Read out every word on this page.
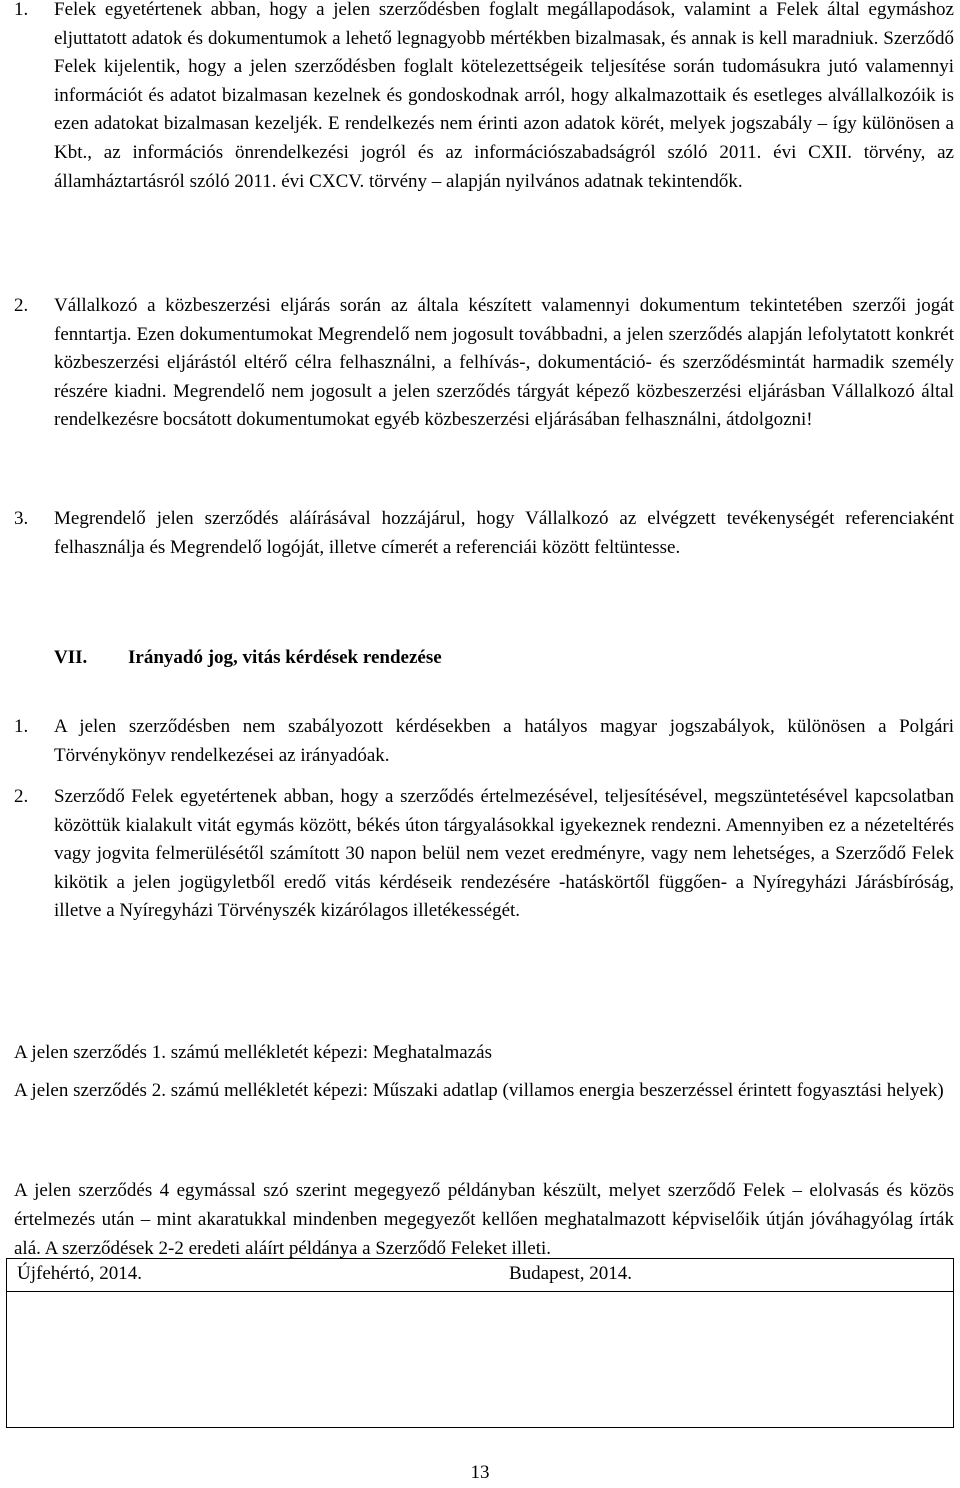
1. Felek egyetértenek abban, hogy a jelen szerződésben foglalt megállapodások, valamint a Felek által egymáshoz eljuttatott adatok és dokumentumok a lehető legnagyobb mértékben bizalmasak, és annak is kell maradniuk. Szerződő Felek kijelentik, hogy a jelen szerződésben foglalt kötelezettségeik teljesítése során tudomásukra jutó valamennyi információt és adatot bizalmasan kezelnek és gondoskodnak arról, hogy alkalmazottaik és esetleges alvállalkozóik is ezen adatokat bizalmasan kezeljék. E rendelkezés nem érinti azon adatok körét, melyek jogszabály – így különösen a Kbt., az információs önrendelkezési jogról és az információszabadságról szóló 2011. évi CXII. törvény, az államháztartásról szóló 2011. évi CXCV. törvény – alapján nyilvános adatnak tekintendők.
2. Vállalkozó a közbeszerzési eljárás során az általa készített valamennyi dokumentum tekintetében szerzői jogát fenntartja. Ezen dokumentumokat Megrendelő nem jogosult továbbadni, a jelen szerződés alapján lefolytatott konkrét közbeszerzési eljárástól eltérő célra felhasználni, a felhívás-, dokumentáció- és szerződésmintát harmadik személy részére kiadni. Megrendelő nem jogosult a jelen szerződés tárgyát képező közbeszerzési eljárásban Vállalkozó által rendelkezésre bocsátott dokumentumokat egyéb közbeszerzési eljárásában felhasználni, átdolgozni!
3. Megrendelő jelen szerződés aláírásával hozzájárul, hogy Vállalkozó az elvégzett tevékenységét referenciaként felhasználja és Megrendelő logóját, illetve címerét a referenciái között feltüntesse.
VII. Irányadó jog, vitás kérdések rendezése
1. A jelen szerződésben nem szabályozott kérdésekben a hatályos magyar jogszabályok, különösen a Polgári Törvénykönyv rendelkezései az irányadóak.
2. Szerződő Felek egyetértenek abban, hogy a szerződés értelmezésével, teljesítésével, megszüntetésével kapcsolatban közöttük kialakult vitát egymás között, békés úton tárgyalásokkal igyekeznek rendezni. Amennyiben ez a nézeteltérés vagy jogvita felmerülésétől számított 30 napon belül nem vezet eredményre, vagy nem lehetséges, a Szerződő Felek kikötik a jelen jogügyletből eredő vitás kérdéseik rendezésére -hatáskörtől függően- a Nyíregyházi Járásbíróság, illetve a Nyíregyházi Törvényszék kizárólagos illetékességét.
A jelen szerződés 1. számú mellékletét képezi: Meghatalmazás
A jelen szerződés 2. számú mellékletét képezi: Műszaki adatlap (villamos energia beszerzéssel érintett fogyasztási helyek)
A jelen szerződés 4 egymással szó szerint megegyező példányban készült, melyet szerződő Felek – elolvasás és közös értelmezés után – mint akaratukkal mindenben megegyezőt kellően meghatalmazott képviselőik útján jóváhagyólag írták alá. A szerződések 2-2 eredeti aláírt példánya a Szerződő Feleket illeti.
Újfehértó, 2014.	Budapest, 2014.
13
